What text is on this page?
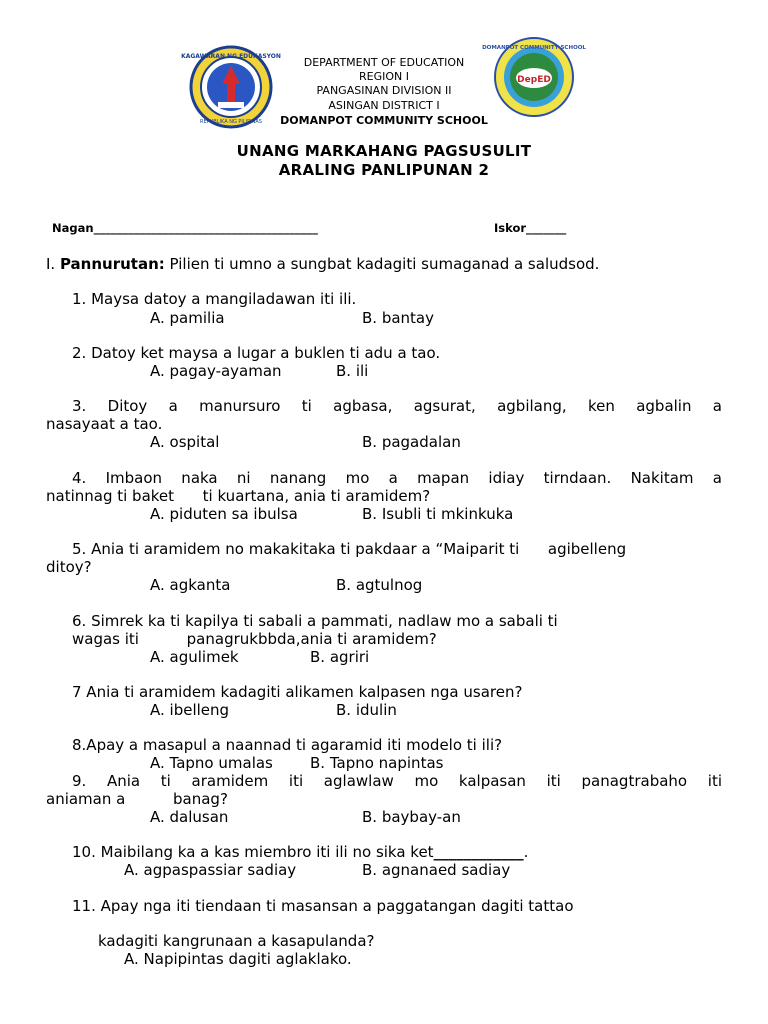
KAGAWARAN NG EDUKASYON
REPUBLIKA NG PILIPINAS
DepED
DOMANPOT COMMUNITY SCHOOL
DEPARTMENT OF EDUCATION
REGION I
PANGASINAN DIVISION II
ASINGAN DISTRICT I
DOMANPOT COMMUNITY SCHOOL
UNANG MARKAHANG PAGSUSULIT
ARALING PANLIPUNAN 2
Nagan_______________________________________	Iskor_______
I. Pannurutan: Pilien ti umno a sungbat kadagiti sumaganad a saludsod.
1. Maysa datoy a mangiladawan iti ili.
A. pamilia	B. bantay
2. Datoy ket maysa a lugar a buklen ti adu a tao.
A. pagay-ayaman	B. ili
3. Ditoy a manursuro ti agbasa, agsurat, agbilang, ken agbalin a
nasayaat a tao.
A. ospital	B. pagadalan
4. Imbaon naka ni nanang mo a mapan idiay tirndaan. Nakitam a
natinnag ti baket      ti kuartana, ania ti aramidem?
A. piduten sa ibulsa	B. Isubli ti mkinkuka
5. Ania ti aramidem no makakitaka ti pakdaar a “Maiparit ti      agibelleng
ditoy?
A. agkanta	B. agtulnog
6. Simrek ka ti kapilya ti sabali a pammati, nadlaw mo a sabali ti
wagas iti          panagrukbbda,ania ti aramidem?
A. agulimek	B. agriri
7 Ania ti aramidem kadagiti alikamen kalpasen nga usaren?
A. ibelleng	B. idulin
8.Apay a masapul a naannad ti agaramid iti modelo ti ili?
A. Tapno umalas B. Tapno napintas
9. Ania ti aramidem iti aglawlaw mo kalpasan iti panagtrabaho iti
aniaman a          banag?
A. dalusan	B. baybay-an
10. Maibilang ka a kas miembro iti ili no sika ket____________.
A. agpaspassiar sadiay	B. agnanaed sadiay
11. Apay nga iti tiendaan ti masansan a paggatangan dagiti tattao
kadagiti kangrunaan a kasapulanda?
A. Napipintas dagiti aglaklako.
